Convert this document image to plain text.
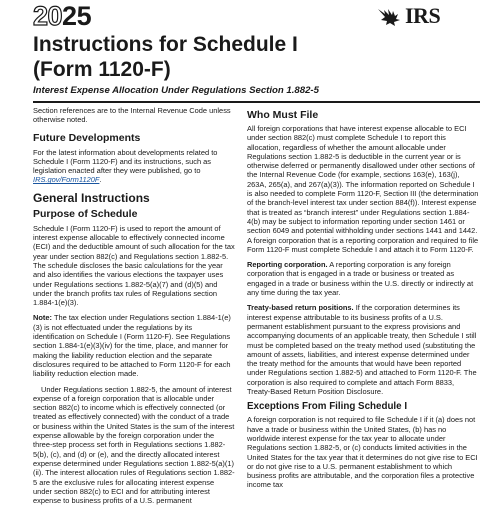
20 25	IRS
Instructions for Schedule I
(Form 1120-F)
Interest Expense Allocation Under Regulations Section 1.882-5

Section references are to the Internal Revenue Code unless otherwise noted.

Future Developments

For the latest information about developments related to Schedule I (Form 1120-F) and its instructions, such as legislation enacted after they were published, go to IRS.gov/Form1120F.

General Instructions

Purpose of Schedule

Schedule I (Form 1120-F) is used to report the amount of interest expense allocable to effectively connected income (ECI) and the deductible amount of such allocation for the tax year under section 882(c) and Regulations section 1.882-5. The schedule discloses the basic calculations for the year and also identifies the various elections the taxpayer uses under Regulations sections 1.882-5(a)(7) and (d)(5) and under the branch profits tax rules of Regulations section 1.884-1(e)(3).

Note: The tax election under Regulations section 1.884-1(e)(3) is not effectuated under the regulations by its identification on Schedule I (Form 1120-F). See Regulations section 1.884-1(e)(3)(iv) for the time, place, and manner for making the liability reduction election and the separate disclosures required to be attached to Form 1120-F for each liability reduction election made.

Under Regulations section 1.882-5, the amount of interest expense of a foreign corporation that is allocable under section 882(c) to income which is effectively connected (or treated as effectively connected) with the conduct of a trade or business within the United States is the sum of the interest expense allowable by the foreign corporation under the three-step process set forth in Regulations sections 1.882-5(b), (c), and (d) or (e), and the directly allocated interest expense determined under Regulations section 1.882-5(a)(1)(ii). The interest allocation rules of Regulations section 1.882-5 are the exclusive rules for allocating interest expense under section 882(c) to ECI and for attributing interest expense to business profits of a U.S. permanent

Who Must File

All foreign corporations that have interest expense allocable to ECI under section 882(c) must complete Schedule I to report this allocation, regardless of whether the amount allocable under Regulations section 1.882-5 is deductible in the current year or is otherwise deferred or permanently disallowed under other sections of the Internal Revenue Code (for example, sections 163(e), 163(j), 263A, 265(a), and 267(a)(3)). The information reported on Schedule I is also needed to complete Form 1120-F, Section III (the determination of the branch-level interest tax under section 884(f)). Interest expense that is treated as “branch interest” under Regulations section 1.884-4(b) may be subject to information reporting under section 1461 or section 6049 and potential withholding under sections 1441 and 1442. A foreign corporation that is a reporting corporation and required to file Form 1120-F must complete Schedule I and attach it to Form 1120-F.

Reporting corporation. A reporting corporation is any foreign corporation that is engaged in a trade or business or treated as engaged in a trade or business within the U.S. directly or indirectly at any time during the tax year.

Treaty-based return positions. If the corporation determines its interest expense attributable to its business profits of a U.S. permanent establishment pursuant to the express provisions and accompanying documents of an applicable treaty, then Schedule I still must be completed based on the treaty method used (substituting the amount of assets, liabilities, and interest expense determined under the treaty method for the amounts that would have been reported under Regulations section 1.882-5) and attached to Form 1120-F. The corporation is also required to complete and attach Form 8833, Treaty-Based Return Position Disclosure.

Exceptions From Filing Schedule I

A foreign corporation is not required to file Schedule I if it (a) does not have a trade or business within the United States, (b) has no worldwide interest expense for the tax year to allocate under Regulations section 1.882-5, or (c) conducts limited activities in the United States for the tax year that it determines do not give rise to ECI or do not give rise to a U.S. permanent establishment to which business profits are attributable, and the corporation files a protective income tax
